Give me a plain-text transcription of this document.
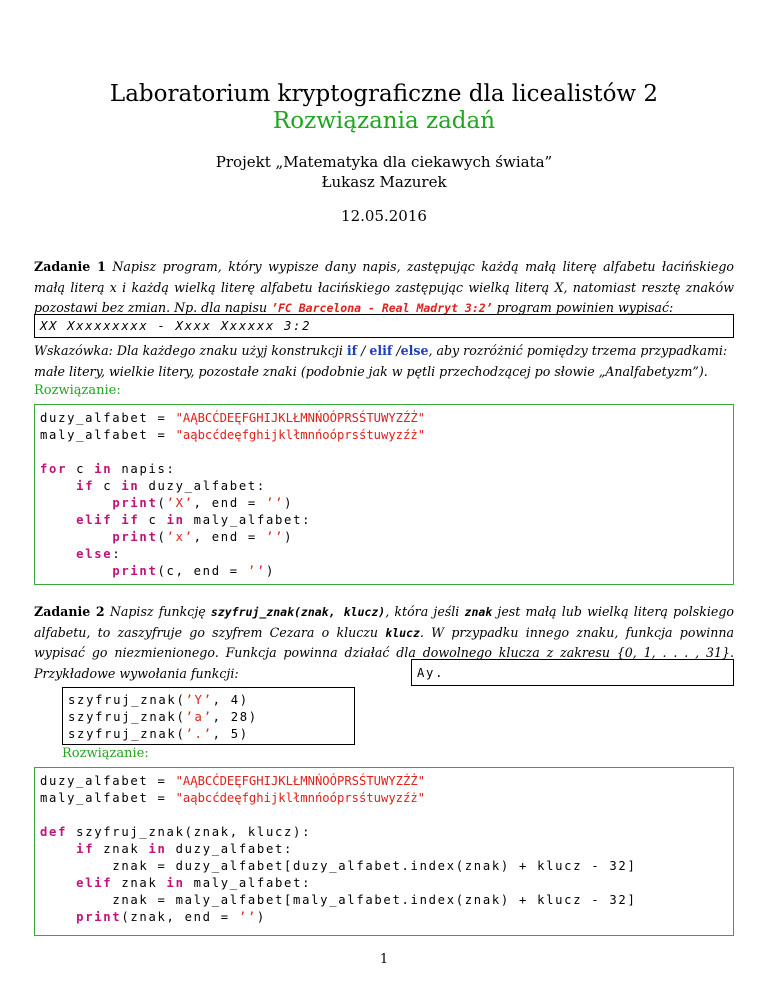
Laboratorium kryptograficzne dla licealistów 2
Rozwiązania zadań
Projekt „Matematyka dla ciekawych świata”
Łukasz Mazurek
12.05.2016
Zadanie 1 Napisz program, który wypisze dany napis, zastępując każdą małą literę alfabetu łacińskiego małą literą x i każdą wielką literę alfabetu łacińskiego zastępując wielką literą X, natomiast resztę znaków pozostawi bez zmian. Np. dla napisu ’FC Barcelona - Real Madryt 3:2’ program powinien wypisać:
XX Xxxxxxxxx - Xxxx Xxxxxx 3:2
Wskazówka: Dla każdego znaku użyj konstrukcji if / elif /else, aby rozróżnić pomiędzy trzema przypadkami: małe litery, wielkie litery, pozostałe znaki (podobnie jak w pętli przechodzącej po słowie „Analfabetyzm”).
Rozwiązanie:
duzy_alfabet = "AĄBCĆDEĘFGHIJKLŁMNŃOÓPRSŚTUWYZŹŻ"
maly_alfabet = "aąbcćdeęfghijklłmnńoóprsśtuwyzźż"

for c in napis:
if c in duzy_alfabet:
print(’X’, end = ’’)
elif if c in maly_alfabet:
print(’x’, end = ’’)
else:
print(c, end = ’’)
Zadanie 2 Napisz funkcję szyfruj_znak(znak, klucz), która jeśli znak jest małą lub wielką literą polskiego alfabetu, to zaszyfruje go szyfrem Cezara o kluczu klucz. W przypadku innego znaku, funkcja powinna wypisać go niezmienionego. Funkcja powinna działać dla dowolnego klucza z zakresu {0, 1, . . . , 31}. Przykładowe wywołania funkcji:
szyfruj_znak(’Y’, 4)
szyfruj_znak(’a’, 28)
szyfruj_znak(’.’, 5)
Ay.
Rozwiązanie:
duzy_alfabet = "AĄBCĆDEĘFGHIJKLŁMNŃOÓPRSŚTUWYZŹŻ"
maly_alfabet = "aąbcćdeęfghijklłmnńoóprsśtuwyzźż"

def szyfruj_znak(znak, klucz):
if znak in duzy_alfabet:
znak = duzy_alfabet[duzy_alfabet.index(znak) + klucz - 32]
elif znak in maly_alfabet:
znak = maly_alfabet[maly_alfabet.index(znak) + klucz - 32]
print(znak, end = ’’)
1
